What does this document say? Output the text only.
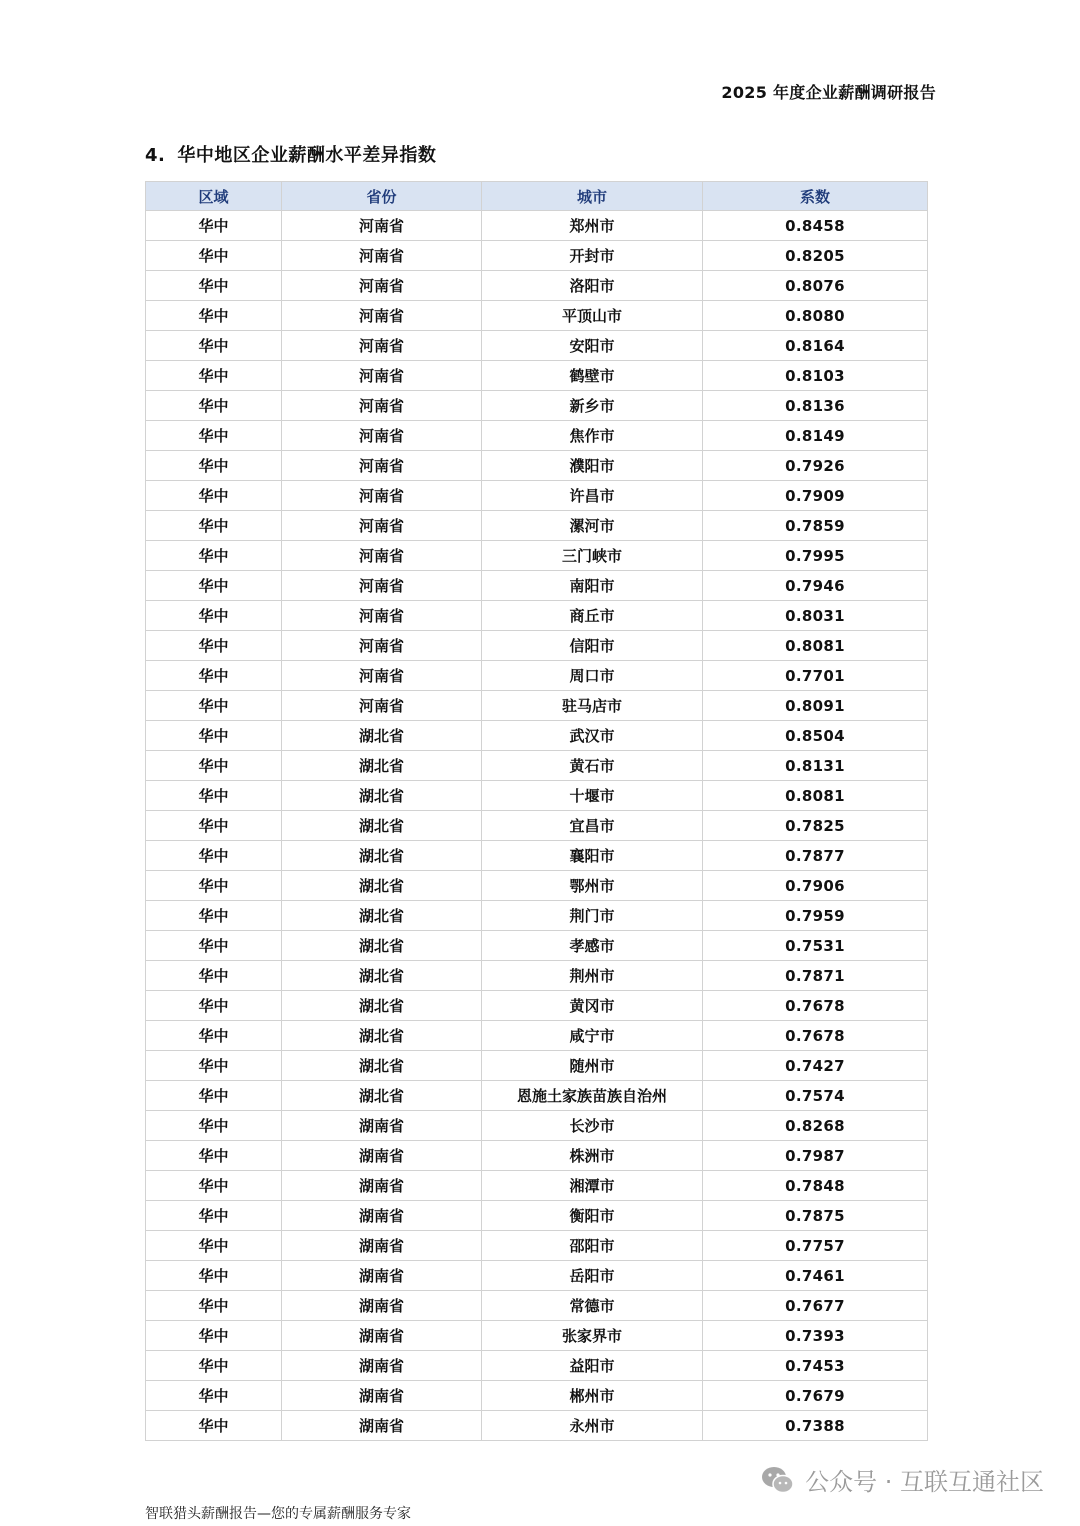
2025 年度企业薪酬调研报告
4. 华中地区企业薪酬水平差异指数
区域	省份	城市	系数
华中	河南省	郑州市	0.8458
华中	河南省	开封市	0.8205
华中	河南省	洛阳市	0.8076
华中	河南省	平顶山市	0.8080
华中	河南省	安阳市	0.8164
华中	河南省	鹤壁市	0.8103
华中	河南省	新乡市	0.8136
华中	河南省	焦作市	0.8149
华中	河南省	濮阳市	0.7926
华中	河南省	许昌市	0.7909
华中	河南省	漯河市	0.7859
华中	河南省	三门峡市	0.7995
华中	河南省	南阳市	0.7946
华中	河南省	商丘市	0.8031
华中	河南省	信阳市	0.8081
华中	河南省	周口市	0.7701
华中	河南省	驻马店市	0.8091
华中	湖北省	武汉市	0.8504
华中	湖北省	黄石市	0.8131
华中	湖北省	十堰市	0.8081
华中	湖北省	宜昌市	0.7825
华中	湖北省	襄阳市	0.7877
华中	湖北省	鄂州市	0.7906
华中	湖北省	荆门市	0.7959
华中	湖北省	孝感市	0.7531
华中	湖北省	荆州市	0.7871
华中	湖北省	黄冈市	0.7678
华中	湖北省	咸宁市	0.7678
华中	湖北省	随州市	0.7427
华中	湖北省	恩施土家族苗族自治州	0.7574
华中	湖南省	长沙市	0.8268
华中	湖南省	株洲市	0.7987
华中	湖南省	湘潭市	0.7848
华中	湖南省	衡阳市	0.7875
华中	湖南省	邵阳市	0.7757
华中	湖南省	岳阳市	0.7461
华中	湖南省	常德市	0.7677
华中	湖南省	张家界市	0.7393
华中	湖南省	益阳市	0.7453
华中	湖南省	郴州市	0.7679
华中	湖南省	永州市	0.7388
公众号 · 互联互通社区
智联猎头薪酬报告—您的专属薪酬服务专家
